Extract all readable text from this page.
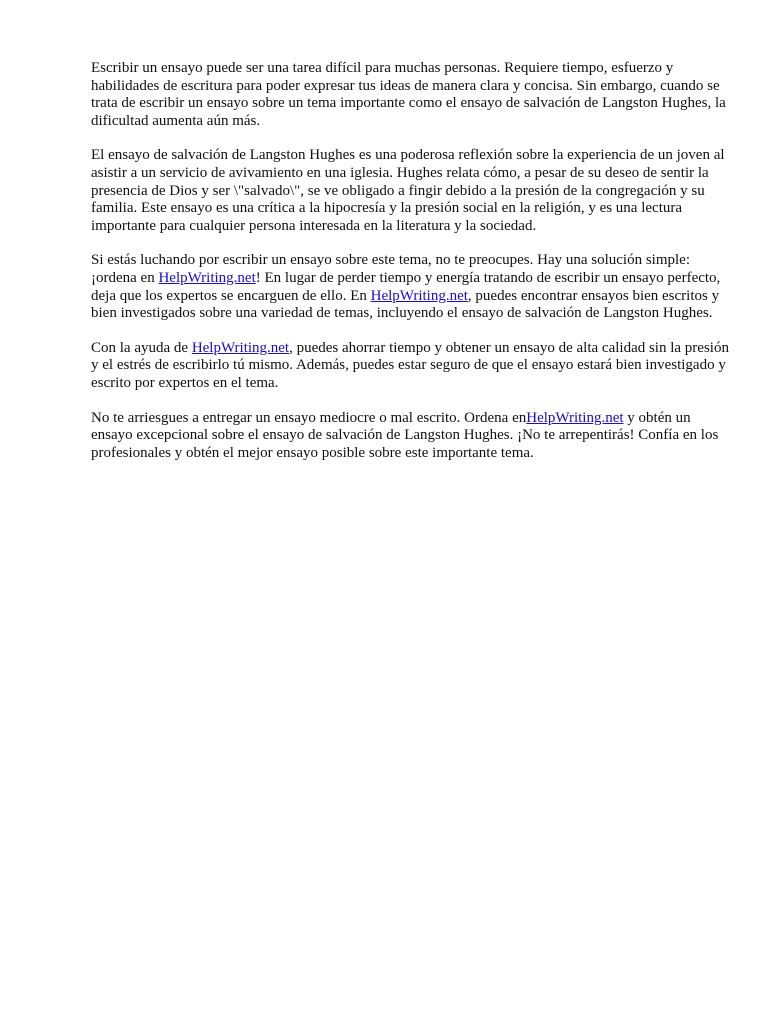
Escribir un ensayo puede ser una tarea difícil para muchas personas. Requiere tiempo, esfuerzo y habilidades de escritura para poder expresar tus ideas de manera clara y concisa. Sin embargo, cuando se trata de escribir un ensayo sobre un tema importante como el ensayo de salvación de Langston Hughes, la dificultad aumenta aún más.

El ensayo de salvación de Langston Hughes es una poderosa reflexión sobre la experiencia de un joven al asistir a un servicio de avivamiento en una iglesia. Hughes relata cómo, a pesar de su deseo de sentir la presencia de Dios y ser \"salvado\", se ve obligado a fingir debido a la presión de la congregación y su familia. Este ensayo es una crítica a la hipocresía y la presión social en la religión, y es una lectura importante para cualquier persona interesada en la literatura y la sociedad.

Si estás luchando por escribir un ensayo sobre este tema, no te preocupes. Hay una solución simple: ¡ordena en HelpWriting.net! En lugar de perder tiempo y energía tratando de escribir un ensayo perfecto, deja que los expertos se encarguen de ello. En HelpWriting.net, puedes encontrar ensayos bien escritos y bien investigados sobre una variedad de temas, incluyendo el ensayo de salvación de Langston Hughes.

Con la ayuda de HelpWriting.net, puedes ahorrar tiempo y obtener un ensayo de alta calidad sin la presión y el estrés de escribirlo tú mismo. Además, puedes estar seguro de que el ensayo estará bien investigado y escrito por expertos en el tema.

No te arriesgues a entregar un ensayo mediocre o mal escrito. Ordena enHelpWriting.net y obtén un ensayo excepcional sobre el ensayo de salvación de Langston Hughes. ¡No te arrepentirás! Confía en los profesionales y obtén el mejor ensayo posible sobre este importante tema.
